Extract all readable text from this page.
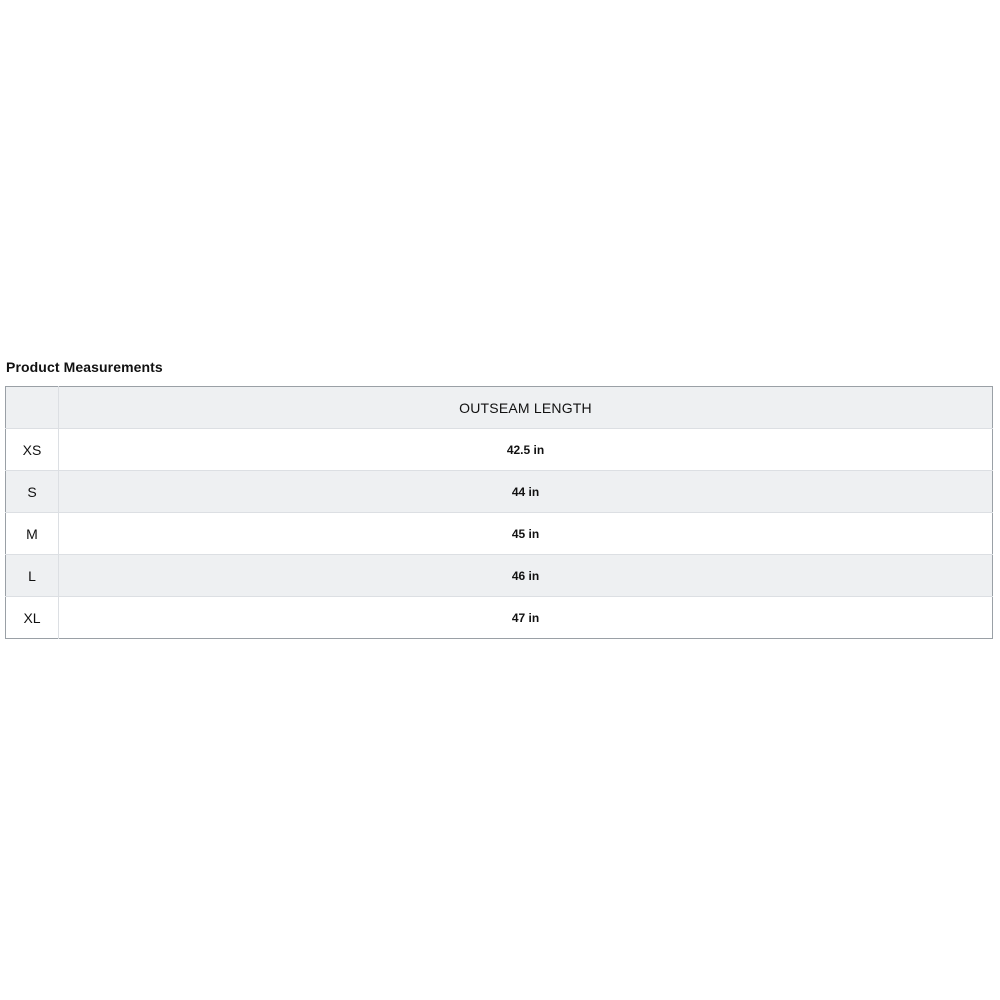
Product Measurements
	OUTSEAM LENGTH
XS	42.5 in
S	44 in
M	45 in
L	46 in
XL	47 in
